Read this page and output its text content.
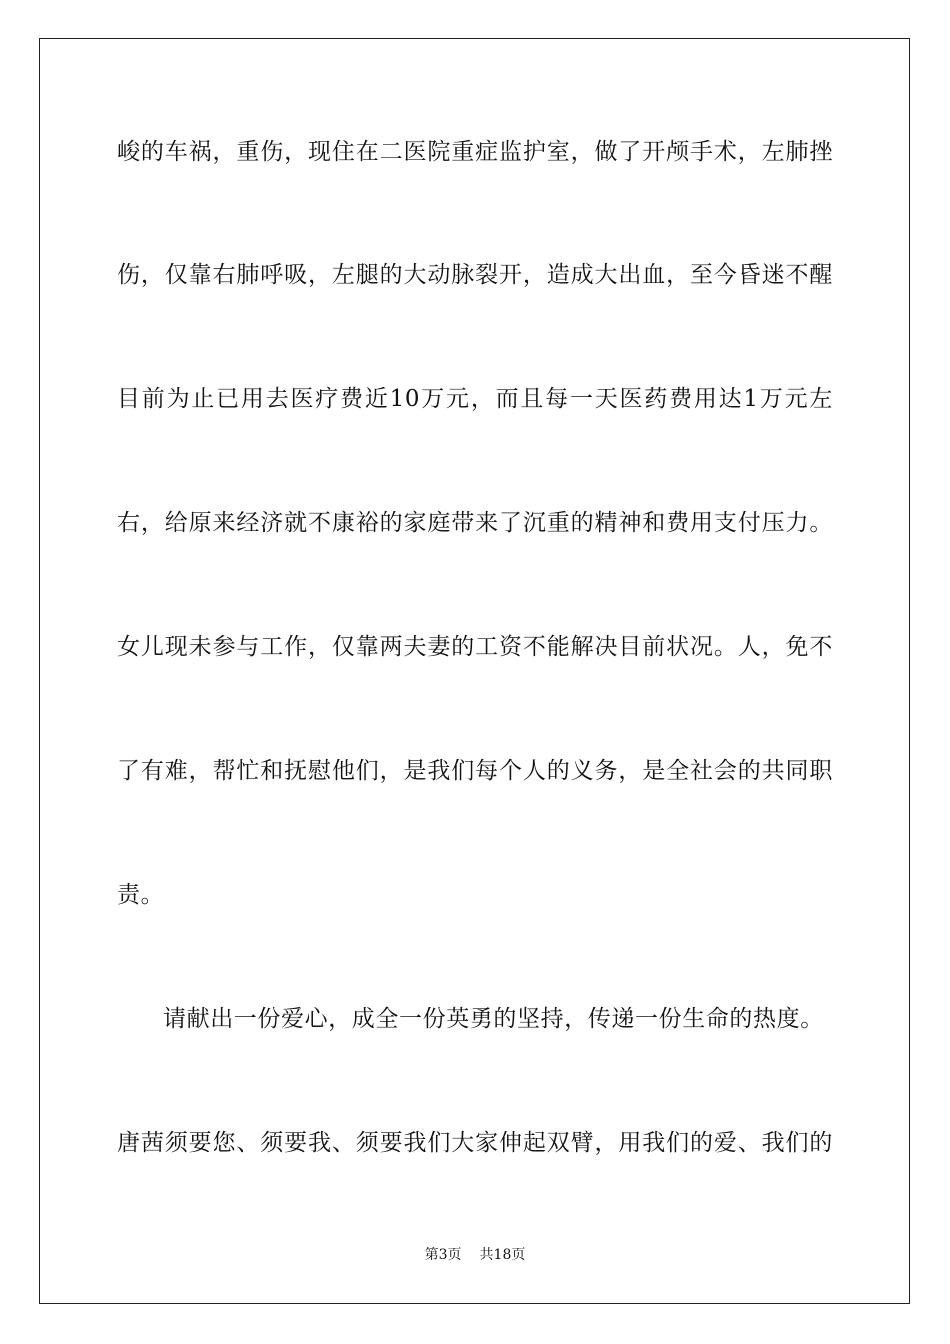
峻的车祸，重伤，现住在二医院重症监护室，做了开颅手术，左肺挫
伤，仅靠右肺呼吸，左腿的大动脉裂开，造成大出血，至今昏迷不醒
目前为止已用去医疗费近10万元，而且每一天医药费用达1万元左
右，给原来经济就不康裕的家庭带来了沉重的精神和费用支付压力。
女儿现未参与工作，仅靠两夫妻的工资不能解决目前状况。人，免不
了有难，帮忙和抚慰他们，是我们每个人的义务，是全社会的共同职
责。
请献出一份爱心，成全一份英勇的坚持，传递一份生命的热度。
唐茜须要您、须要我、须要我们大家伸起双臂，用我们的爱、我们的
第3页 共18页
